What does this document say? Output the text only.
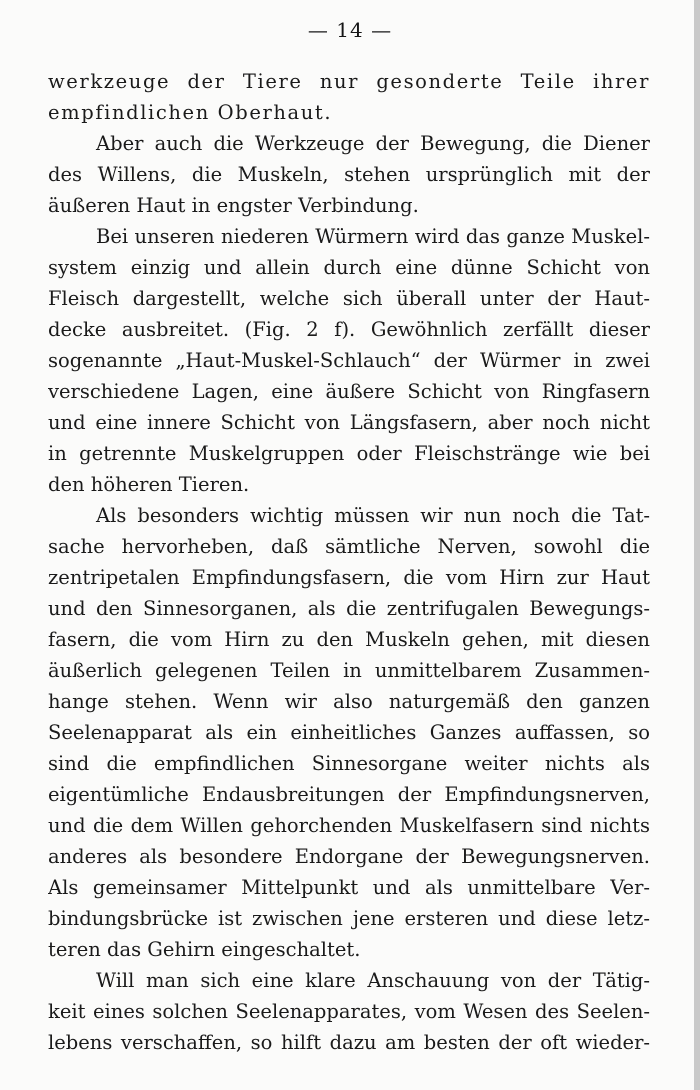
— 14 —
werkzeuge der Tiere nur gesonderte Teile ihrer
empfindlichen Oberhaut.
Aber auch die Werkzeuge der Bewegung, die Diener
des Willens, die Muskeln, stehen ursprünglich mit der
äußeren Haut in engster Verbindung.
Bei unseren niederen Würmern wird das ganze Muskel-
system einzig und allein durch eine dünne Schicht von
Fleisch dargestellt, welche sich überall unter der Haut-
decke ausbreitet. (Fig. 2 f). Gewöhnlich zerfällt dieser
sogenannte „Haut-Muskel-Schlauch“ der Würmer in zwei
verschiedene Lagen, eine äußere Schicht von Ringfasern
und eine innere Schicht von Längsfasern, aber noch nicht
in getrennte Muskelgruppen oder Fleischstränge wie bei
den höheren Tieren.
Als besonders wichtig müssen wir nun noch die Tat-
sache hervorheben, daß sämtliche Nerven, sowohl die
zentripetalen Empfindungsfasern, die vom Hirn zur Haut
und den Sinnesorganen, als die zentrifugalen Bewegungs-
fasern, die vom Hirn zu den Muskeln gehen, mit diesen
äußerlich gelegenen Teilen in unmittelbarem Zusammen-
hange stehen. Wenn wir also naturgemäß den ganzen
Seelenapparat als ein einheitliches Ganzes auffassen, so
sind die empfindlichen Sinnesorgane weiter nichts als
eigentümliche Endausbreitungen der Empfindungsnerven,
und die dem Willen gehorchenden Muskelfasern sind nichts
anderes als besondere Endorgane der Bewegungsnerven.
Als gemeinsamer Mittelpunkt und als unmittelbare Ver-
bindungsbrücke ist zwischen jene ersteren und diese letz-
teren das Gehirn eingeschaltet.
Will man sich eine klare Anschauung von der Tätig-
keit eines solchen Seelenapparates, vom Wesen des Seelen-
lebens verschaffen, so hilft dazu am besten der oft wieder-
